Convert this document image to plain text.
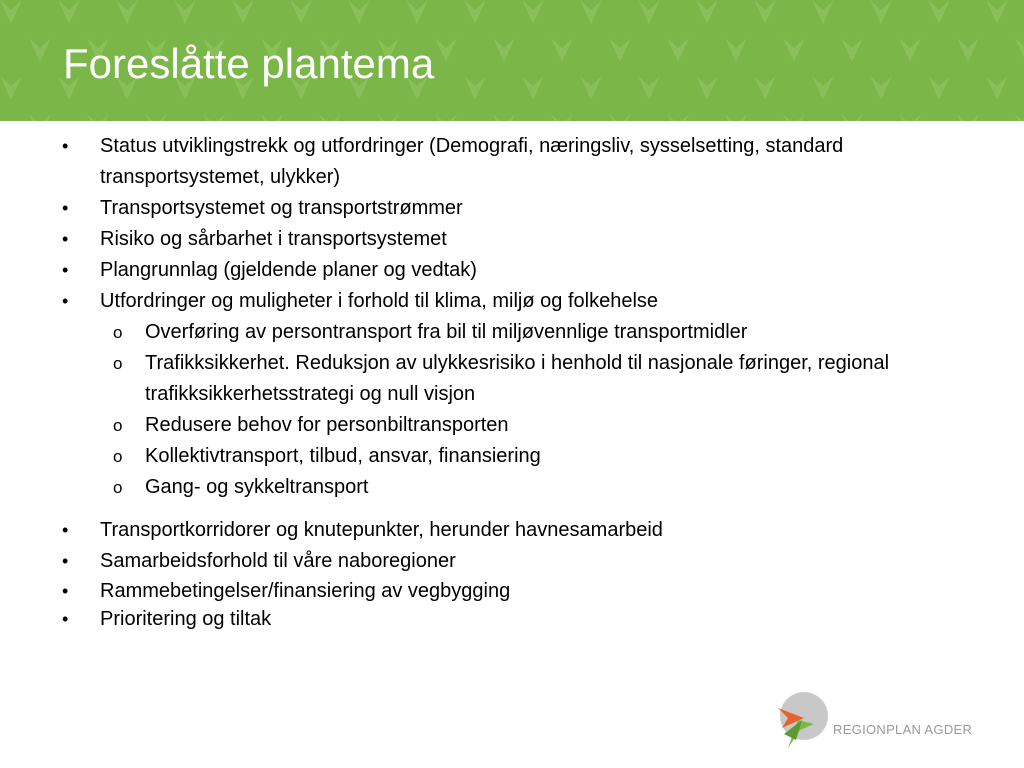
Foreslåtte plantema
• Status utviklingstrekk og utfordringer (Demografi, næringsliv, sysselsetting, standard transportsystemet, ulykker)
• Transportsystemet og transportstrømmer
• Risiko og sårbarhet i transportsystemet
• Plangrunnlag (gjeldende planer og vedtak)
• Utfordringer og muligheter i forhold til klima, miljø og folkehelse
o Overføring av persontransport fra bil til miljøvennlige transportmidler
o Trafikksikkerhet. Reduksjon av ulykkesrisiko i henhold til nasjonale føringer, regional trafikksikkerhetsstrategi og null visjon
o Redusere behov for personbiltransporten
o Kollektivtransport, tilbud, ansvar, finansiering
o Gang- og sykkeltransport
• Transportkorridorer og knutepunkter, herunder havnesamarbeid
• Samarbeidsforhold til våre naboregioner
• Rammebetingelser/finansiering av vegbygging
• Prioritering og tiltak
REGIONPLAN AGDER
